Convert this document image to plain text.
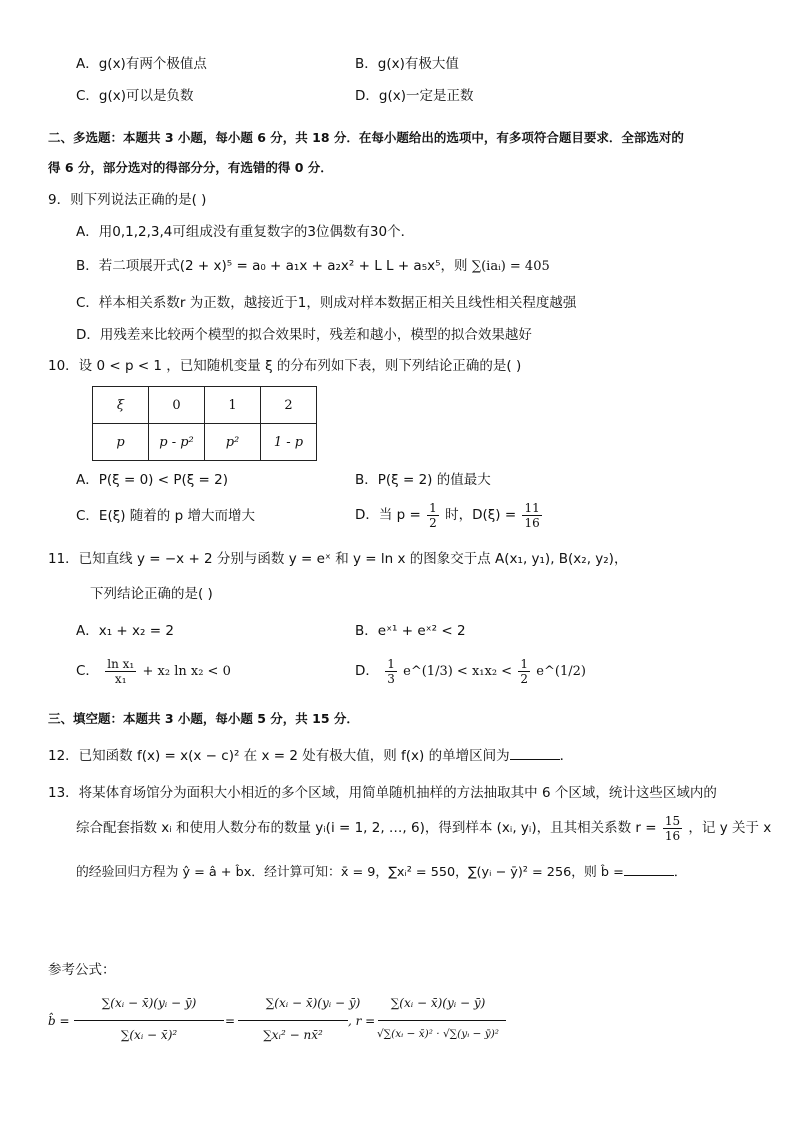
A．g(x)有两个极值点	B．g(x)有极大值
C．g(x)可以是负数	D．g(x)一定是正数
二、多选题：本题共 3 小题，每小题 6 分，共 18 分．在每小题给出的选项中，有多项符合题目要求．全部选对的
得 6 分，部分选对的得部分分，有选错的得 0 分．
9．则下列说法正确的是( )
A．用0,1,2,3,4可组成没有重复数字的3位偶数有30个．
B．若二项展开式(2 + x)⁵ = a₀ + a₁x + a₂x² + L L + a₅x⁵，则 ∑(iaᵢ) = 405
C．样本相关系数r 为正数，越接近于1，则成对样本数据正相关且线性相关程度越强
D．用残差来比较两个模型的拟合效果时，残差和越小，模型的拟合效果越好
10．设 0 < p < 1 ，已知随机变量 ξ 的分布列如下表，则下列结论正确的是( )
ξ	0	1	2
p	p - p²	p²	1 - p
A．P(ξ = 0) < P(ξ = 2)	B．P(ξ = 2) 的值最大
C．E(ξ) 随着的 p 增大而增大	D．当 $p = \frac{1}{2}$ 时，$D(\xi) = \frac{11}{16}$
11．已知直线 y = −x + 2 分别与函数 y = eˣ 和 y = ln x 的图象交于点 A(x₁, y₁), B(x₂, y₂)，
下列结论正确的是( )
A．x₁ + x₂ = 2	B．eˣ¹ + eˣ² < 2
C． $\frac{\text{ln x₁}}{\text{x₁}} + x_2$ ln x₂ < 0	D． $\frac{1}{3}$ e^(1/3) < $x_1x_2 < \frac{1}{2}$ e^(1/2)
三、填空题：本题共 3 小题，每小题 5 分，共 15 分．
12．已知函数 f(x) = x(x − c)² 在 x = 2 处有极大值，则 f(x) 的单增区间为	．
13．将某体育场馆分为面积大小相近的多个区域，用简单随机抽样的方法抽取其中 6 个区域，统计这些区域内的
综合配套指数 xᵢ 和使用人数分布的数量 yᵢ(i = 1, 2, …, 6)，得到样本 (xᵢ, yᵢ)，且其相关系数 $r = \frac{15}{16}$ ，记 y 关于 x
的经验回归方程为 ŷ = â + b̂x．经计算可知：x̄ = 9，∑xᵢ² = 550，∑(yᵢ − ȳ)² = 256，则 b̂ =	．
参考公式：
b̂ =
∑(xᵢ − x̄)(yᵢ − ȳ)
∑(xᵢ − x̄)²
=
∑(xᵢ − x̄)(yᵢ − ȳ)
∑xᵢ² − nx̄²
, r =
∑(xᵢ − x̄)(yᵢ − ȳ)
√∑(xᵢ − x̄)² · √∑(yᵢ − ȳ)²
